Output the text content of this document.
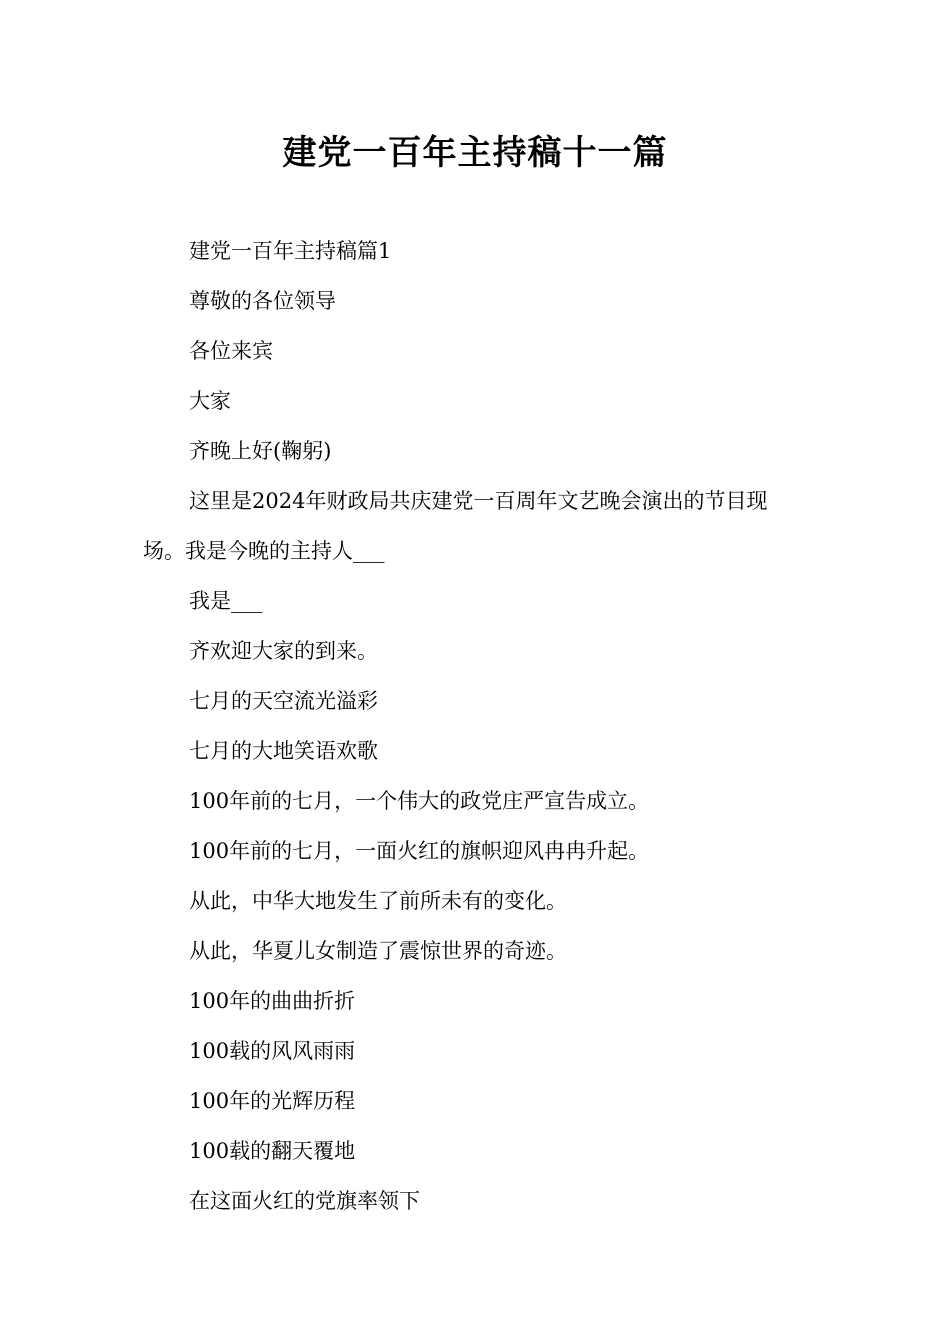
建党一百年主持稿十一篇

建党一百年主持稿篇1

尊敬的各位领导

各位来宾

大家

齐晚上好(鞠躬)

这里是2024年财政局共庆建党一百周年文艺晚会演出的节目现场。我是今晚的主持人___

我是___

齐欢迎大家的到来。

七月的天空流光溢彩

七月的大地笑语欢歌

100年前的七月，一个伟大的政党庄严宣告成立。

100年前的七月，一面火红的旗帜迎风冉冉升起。

从此，中华大地发生了前所未有的变化。

从此，华夏儿女制造了震惊世界的奇迹。

100年的曲曲折折

100载的风风雨雨

100年的光辉历程

100载的翻天覆地

在这面火红的党旗率领下
